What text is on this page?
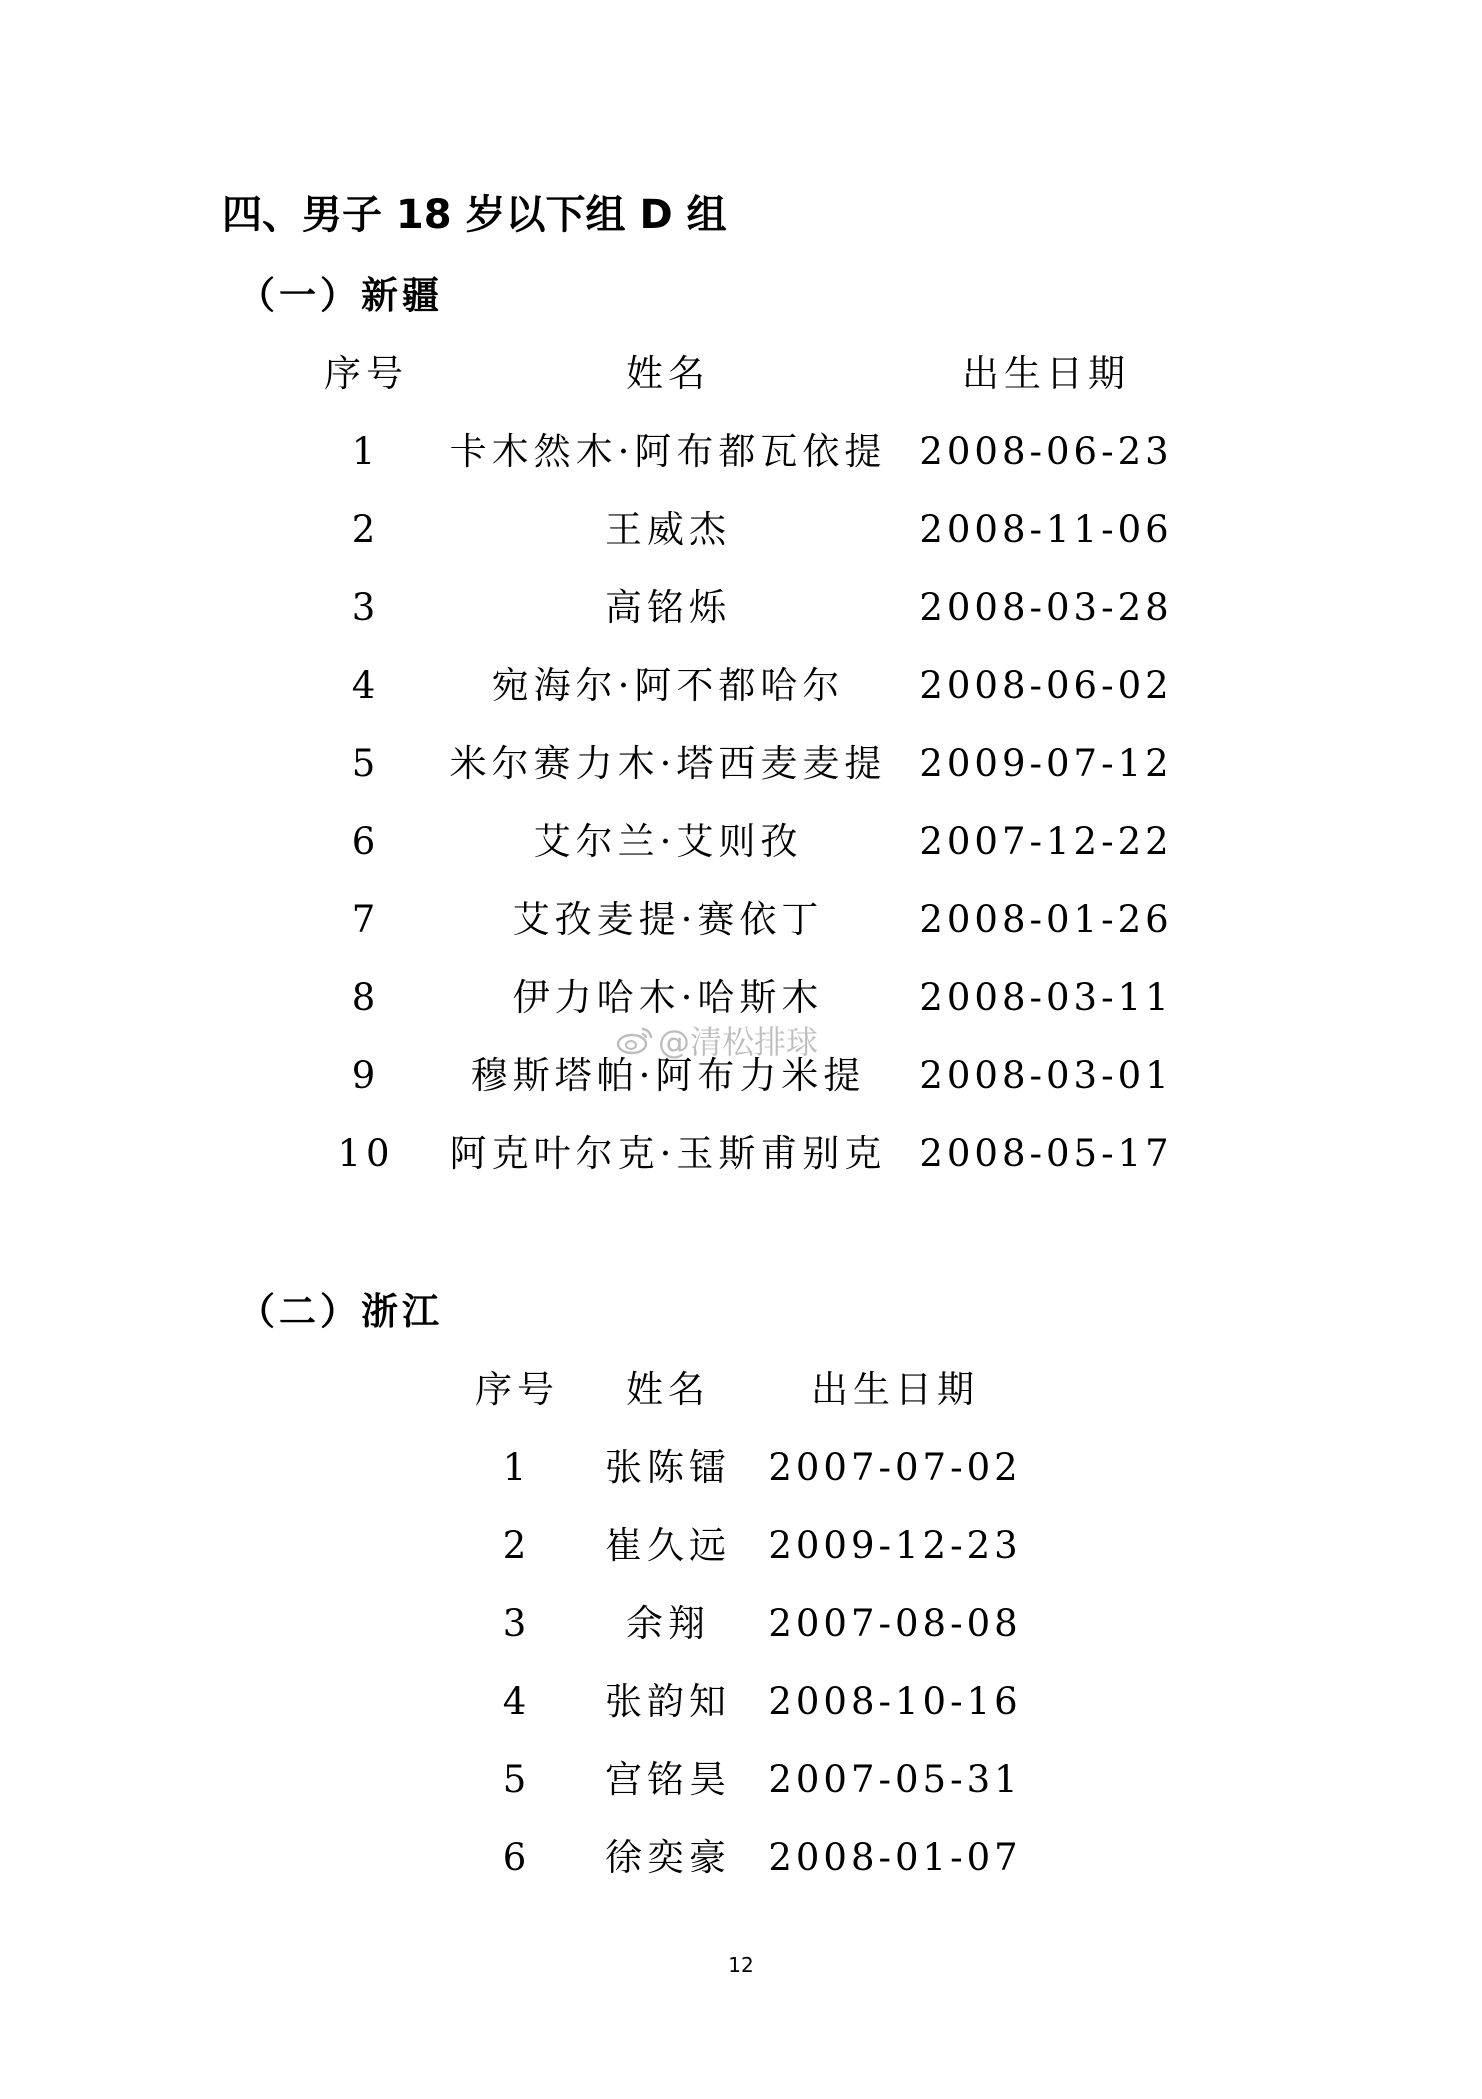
四、男子 18 岁以下组 D 组
（一）新疆
序号	姓名	出生日期
1 卡木然木·阿布都瓦依提 2008-06-23
2	王威杰	2008-11-06
3	高铭烁	2008-03-28
4	宛海尔·阿不都哈尔 2008-06-02
5 米尔赛力木·塔西麦麦提 2009-07-12
6	艾尔兰·艾则孜	2007-12-22
7	艾孜麦提·赛依丁	2008-01-26
8	伊力哈木·哈斯木	2008-03-11
9 穆斯塔帕·阿布力米提 2008-03-01
10 阿克叶尔克·玉斯甫别克 2008-05-17
（二）浙江
序号 姓名	出生日期
1 张陈镭 2007-07-02
2 崔久远 2009-12-23
3	余翔 2007-08-08
4 张韵知 2008-10-16
5 宫铭昊 2007-05-31
6 徐奕豪 2008-01-07
@清松排球
12
